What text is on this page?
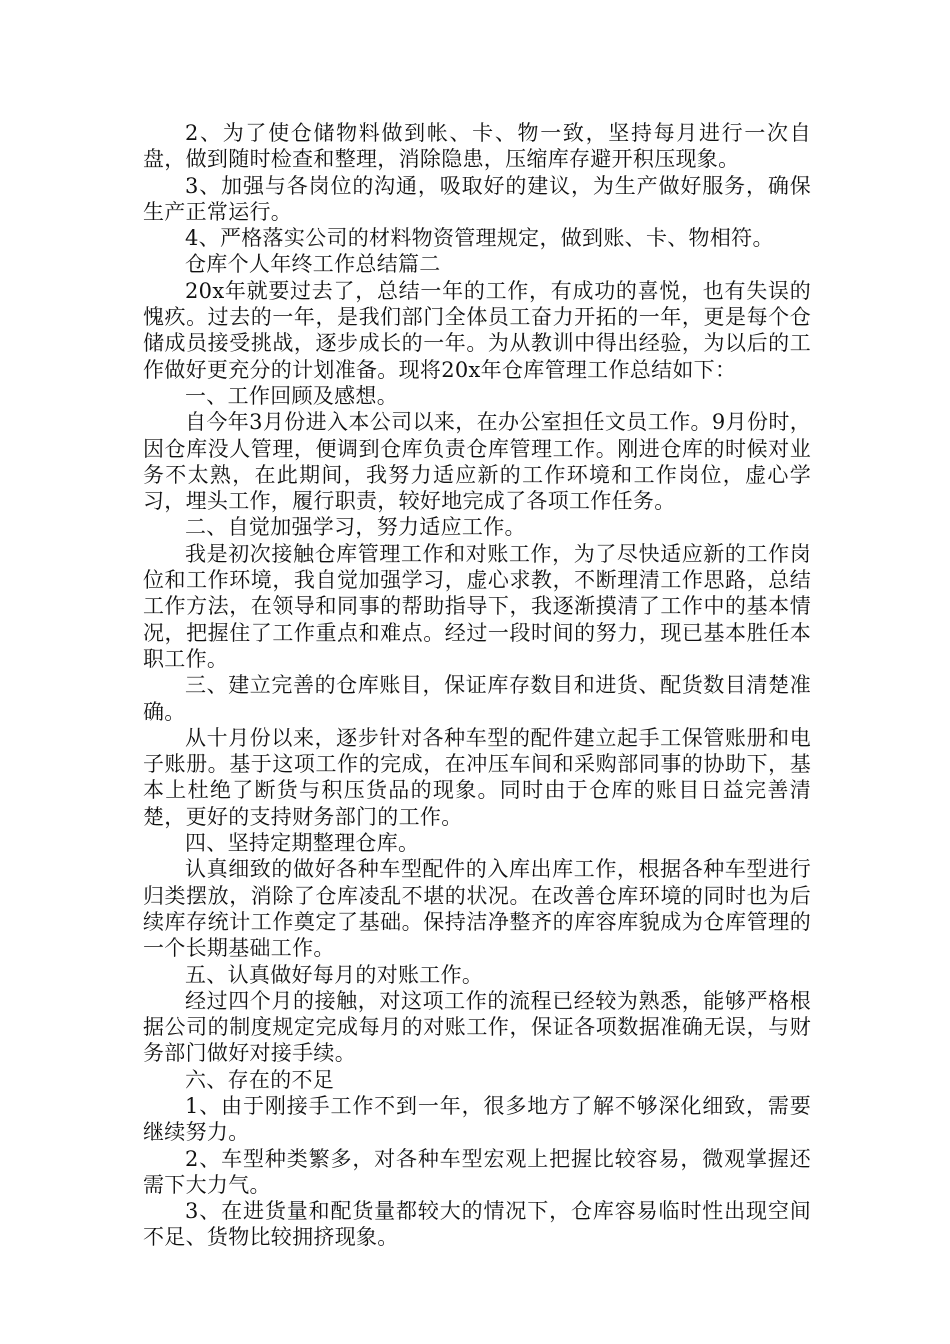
2、为了使仓储物料做到帐、卡、物一致，坚持每月进行一次自盘，做到随时检查和整理，消除隐患，压缩库存避开积压现象。

3、加强与各岗位的沟通，吸取好的建议，为生产做好服务，确保生产正常运行。

4、严格落实公司的材料物资管理规定，做到账、卡、物相符。

仓库个人年终工作总结篇二

20x年就要过去了，总结一年的工作，有成功的喜悦，也有失误的愧疚。过去的一年，是我们部门全体员工奋力开拓的一年，更是每个仓储成员接受挑战，逐步成长的一年。为从教训中得出经验，为以后的工作做好更充分的计划准备。现将20x年仓库管理工作总结如下：

一、工作回顾及感想。

自今年3月份进入本公司以来，在办公室担任文员工作。9月份时，因仓库没人管理，便调到仓库负责仓库管理工作。刚进仓库的时候对业务不太熟，在此期间，我努力适应新的工作环境和工作岗位，虚心学习，埋头工作，履行职责，较好地完成了各项工作任务。

二、自觉加强学习，努力适应工作。

我是初次接触仓库管理工作和对账工作，为了尽快适应新的工作岗位和工作环境，我自觉加强学习，虚心求教，不断理清工作思路，总结工作方法，在领导和同事的帮助指导下，我逐渐摸清了工作中的基本情况，把握住了工作重点和难点。经过一段时间的努力，现已基本胜任本职工作。

三、建立完善的仓库账目，保证库存数目和进货、配货数目清楚准确。

从十月份以来，逐步针对各种车型的配件建立起手工保管账册和电子账册。基于这项工作的完成，在冲压车间和采购部同事的协助下，基本上杜绝了断货与积压货品的现象。同时由于仓库的账目日益完善清楚，更好的支持财务部门的工作。

四、坚持定期整理仓库。

认真细致的做好各种车型配件的入库出库工作，根据各种车型进行归类摆放，消除了仓库凌乱不堪的状况。在改善仓库环境的同时也为后续库存统计工作奠定了基础。保持洁净整齐的库容库貌成为仓库管理的一个长期基础工作。

五、认真做好每月的对账工作。

经过四个月的接触，对这项工作的流程已经较为熟悉，能够严格根据公司的制度规定完成每月的对账工作，保证各项数据准确无误，与财务部门做好对接手续。

六、存在的不足

1、由于刚接手工作不到一年，很多地方了解不够深化细致，需要继续努力。

2、车型种类繁多，对各种车型宏观上把握比较容易，微观掌握还需下大力气。

3、在进货量和配货量都较大的情况下，仓库容易临时性出现空间不足、货物比较拥挤现象。
